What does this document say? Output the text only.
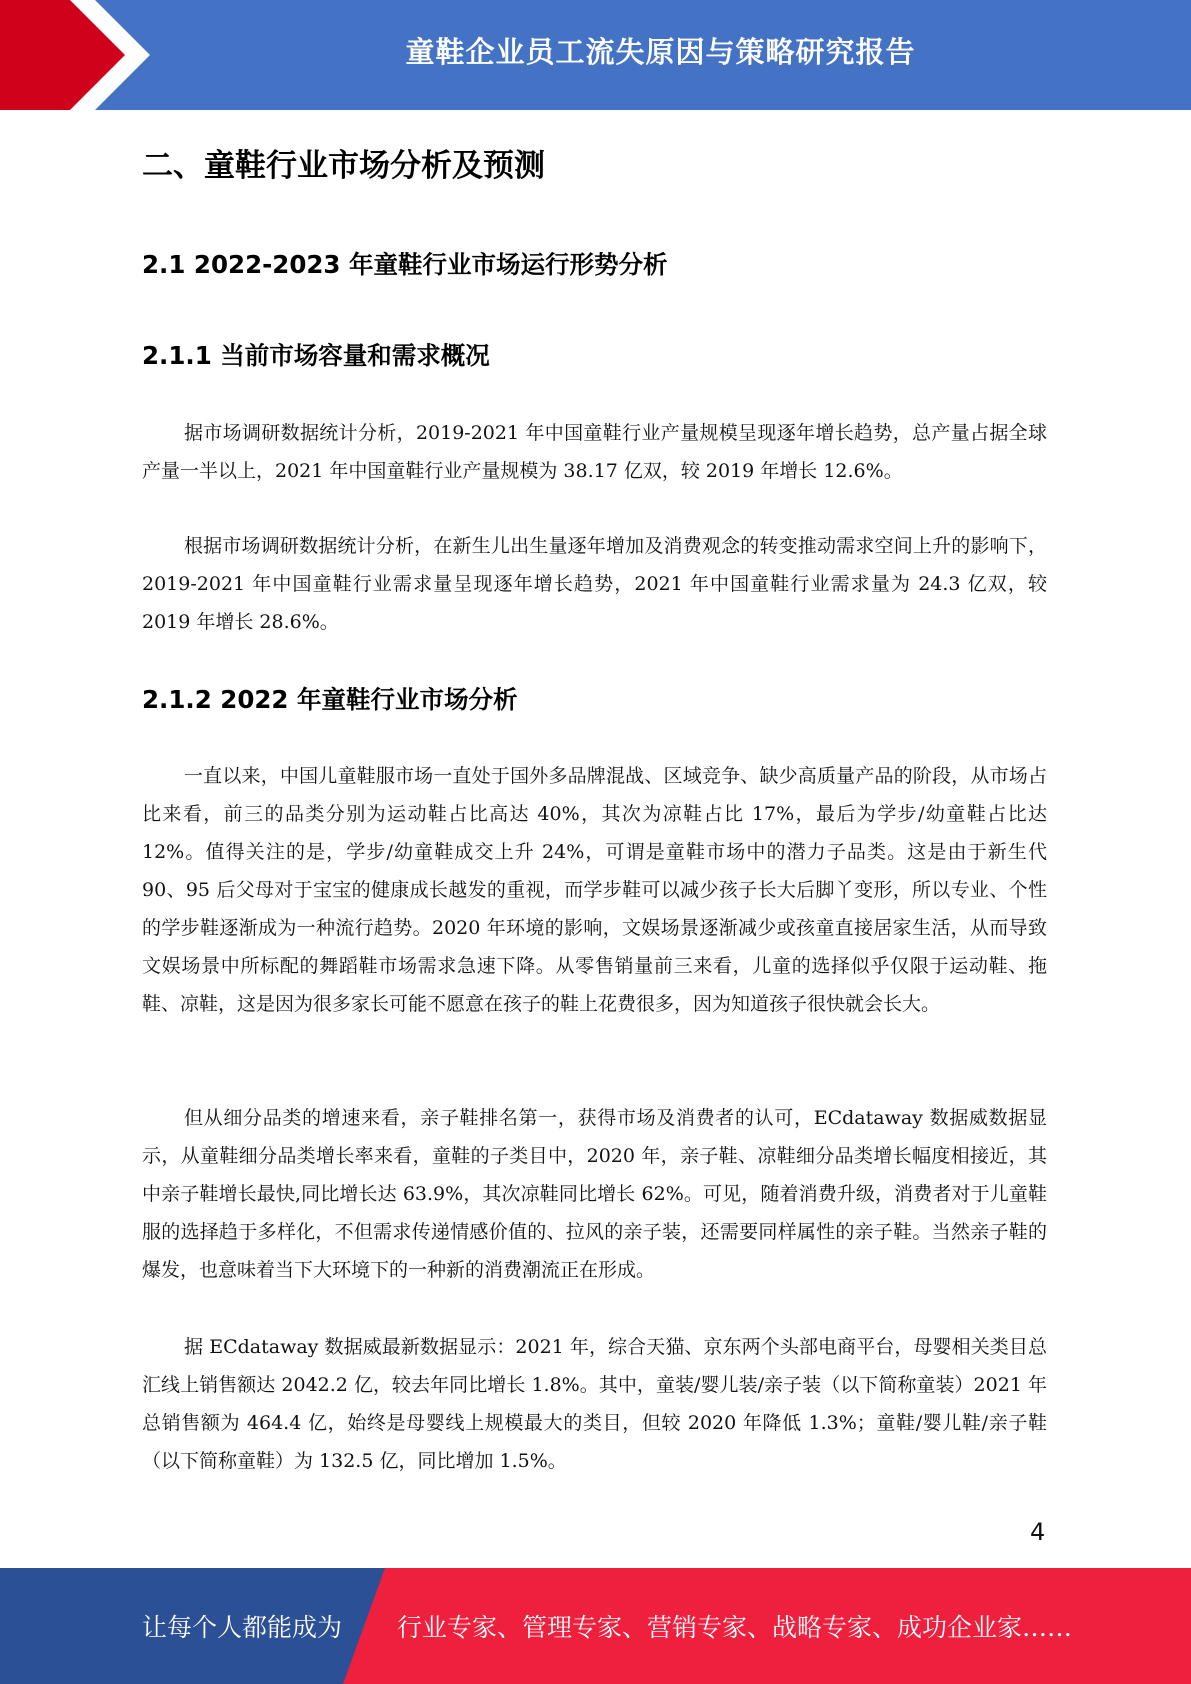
童鞋企业员工流失原因与策略研究报告
二、童鞋行业市场分析及预测
2.1 2022-2023 年童鞋行业市场运行形势分析
2.1.1 当前市场容量和需求概况

据市场调研数据统计分析，2019-2021 年中国童鞋行业产量规模呈现逐年增长趋势，总产量占据全球产量一半以上，2021 年中国童鞋行业产量规模为 38.17 亿双，较 2019 年增长 12.6%。

根据市场调研数据统计分析，在新生儿出生量逐年增加及消费观念的转变推动需求空间上升的影响下，2019-2021 年中国童鞋行业需求量呈现逐年增长趋势，2021 年中国童鞋行业需求量为 24.3 亿双，较 2019 年增长 28.6%。

2.1.2 2022 年童鞋行业市场分析

一直以来，中国儿童鞋服市场一直处于国外多品牌混战、区域竞争、缺少高质量产品的阶段，从市场占比来看，前三的品类分别为运动鞋占比高达 40%，其次为凉鞋占比 17%，最后为学步/幼童鞋占比达 12%。值得关注的是，学步/幼童鞋成交上升 24%，可谓是童鞋市场中的潜力子品类。这是由于新生代 90、95 后父母对于宝宝的健康成长越发的重视，而学步鞋可以减少孩子长大后脚丫变形，所以专业、个性的学步鞋逐渐成为一种流行趋势。2020 年环境的影响，文娱场景逐渐减少或孩童直接居家生活，从而导致文娱场景中所标配的舞蹈鞋市场需求急速下降。从零售销量前三来看，儿童的选择似乎仅限于运动鞋、拖鞋、凉鞋，这是因为很多家长可能不愿意在孩子的鞋上花费很多，因为知道孩子很快就会长大。

但从细分品类的增速来看，亲子鞋排名第一，获得市场及消费者的认可，ECdataway 数据威数据显示，从童鞋细分品类增长率来看，童鞋的子类目中，2020 年，亲子鞋、凉鞋细分品类增长幅度相接近，其中亲子鞋增长最快,同比增长达 63.9%，其次凉鞋同比增长 62%。可见，随着消费升级，消费者对于儿童鞋服的选择趋于多样化，不但需求传递情感价值的、拉风的亲子装，还需要同样属性的亲子鞋。当然亲子鞋的爆发，也意味着当下大环境下的一种新的消费潮流正在形成。

据 ECdataway 数据威最新数据显示：2021 年，综合天猫、京东两个头部电商平台，母婴相关类目总汇线上销售额达 2042.2 亿，较去年同比增长 1.8%。其中，童装/婴儿装/亲子装（以下简称童装）2021 年总销售额为 464.4 亿，始终是母婴线上规模最大的类目，但较 2020 年降低 1.3%；童鞋/婴儿鞋/亲子鞋（以下简称童鞋）为 132.5 亿，同比增加 1.5%。

4
让每个人都能成为 行业专家、管理专家、营销专家、战略专家、成功企业家……
